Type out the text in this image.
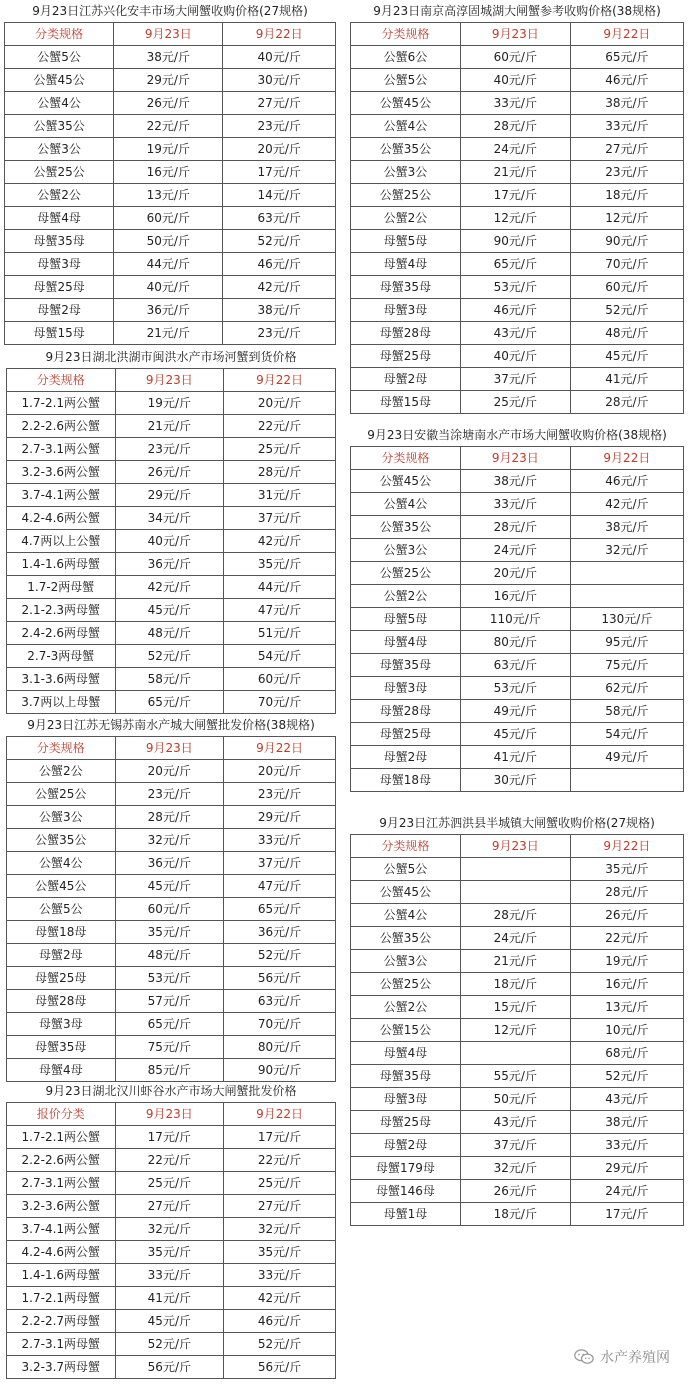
9月23日江苏兴化安丰市场大闸蟹收购价格(27规格)
分类规格	9月23日	9月22日
公蟹5公	38元/斤	40元/斤
公蟹45公	29元/斤	30元/斤
公蟹4公	26元/斤	27元/斤
公蟹35公	22元/斤	23元/斤
公蟹3公	19元/斤	20元/斤
公蟹25公	16元/斤	17元/斤
公蟹2公	13元/斤	14元/斤
母蟹4母	60元/斤	63元/斤
母蟹35母	50元/斤	52元/斤
母蟹3母	44元/斤	46元/斤
母蟹25母	40元/斤	42元/斤
母蟹2母	36元/斤	38元/斤
母蟹15母	21元/斤	23元/斤
9月23日湖北洪湖市闽洪水产市场河蟹到货价格
分类规格	9月23日	9月22日
1.7-2.1两公蟹	19元/斤	20元/斤
2.2-2.6两公蟹	21元/斤	22元/斤
2.7-3.1两公蟹	23元/斤	25元/斤
3.2-3.6两公蟹	26元/斤	28元/斤
3.7-4.1两公蟹	29元/斤	31元/斤
4.2-4.6两公蟹	34元/斤	37元/斤
4.7两以上公蟹	40元/斤	42元/斤
1.4-1.6两母蟹	36元/斤	35元/斤
1.7-2两母蟹	42元/斤	44元/斤
2.1-2.3两母蟹	45元/斤	47元/斤
2.4-2.6两母蟹	48元/斤	51元/斤
2.7-3两母蟹	52元/斤	54元/斤
3.1-3.6两母蟹	58元/斤	60元/斤
3.7两以上母蟹	65元/斤	70元/斤
9月23日江苏无锡苏南水产城大闸蟹批发价格(38规格)
分类规格	9月23日	9月22日
公蟹2公	20元/斤	20元/斤
公蟹25公	23元/斤	23元/斤
公蟹3公	28元/斤	29元/斤
公蟹35公	32元/斤	33元/斤
公蟹4公	36元/斤	37元/斤
公蟹45公	45元/斤	47元/斤
公蟹5公	60元/斤	65元/斤
母蟹18母	35元/斤	36元/斤
母蟹2母	48元/斤	52元/斤
母蟹25母	53元/斤	56元/斤
母蟹28母	57元/斤	63元/斤
母蟹3母	65元/斤	70元/斤
母蟹35母	75元/斤	80元/斤
母蟹4母	85元/斤	90元/斤
9月23日湖北汉川虾谷水产市场大闸蟹批发价格
报价分类	9月23日	9月22日
1.7-2.1两公蟹	17元/斤	17元/斤
2.2-2.6两公蟹	22元/斤	22元/斤
2.7-3.1两公蟹	25元/斤	25元/斤
3.2-3.6两公蟹	27元/斤	27元/斤
3.7-4.1两公蟹	32元/斤	32元/斤
4.2-4.6两公蟹	35元/斤	35元/斤
1.4-1.6两母蟹	33元/斤	33元/斤
1.7-2.1两母蟹	41元/斤	42元/斤
2.2-2.7两母蟹	45元/斤	46元/斤
2.7-3.1两母蟹	52元/斤	52元/斤
3.2-3.7两母蟹	56元/斤	56元/斤
9月23日南京高淳固城湖大闸蟹参考收购价格(38规格)
分类规格	9月23日	9月22日
公蟹6公	60元/斤	65元/斤
公蟹5公	40元/斤	46元/斤
公蟹45公	33元/斤	38元/斤
公蟹4公	28元/斤	33元/斤
公蟹35公	24元/斤	27元/斤
公蟹3公	21元/斤	23元/斤
公蟹25公	17元/斤	18元/斤
公蟹2公	12元/斤	12元/斤
母蟹5母	90元/斤	90元/斤
母蟹4母	65元/斤	70元/斤
母蟹35母	53元/斤	60元/斤
母蟹3母	46元/斤	52元/斤
母蟹28母	43元/斤	48元/斤
母蟹25母	40元/斤	45元/斤
母蟹2母	37元/斤	41元/斤
母蟹15母	25元/斤	28元/斤
9月23日安徽当涂塘南水产市场大闸蟹收购价格(38规格)
分类规格	9月23日	9月22日
公蟹45公	38元/斤	46元/斤
公蟹4公	33元/斤	42元/斤
公蟹35公	28元/斤	38元/斤
公蟹3公	24元/斤	32元/斤
公蟹25公	20元/斤	
公蟹2公	16元/斤	
母蟹5母	110元/斤	130元/斤
母蟹4母	80元/斤	95元/斤
母蟹35母	63元/斤	75元/斤
母蟹3母	53元/斤	62元/斤
母蟹28母	49元/斤	58元/斤
母蟹25母	45元/斤	54元/斤
母蟹2母	41元/斤	49元/斤
母蟹18母	30元/斤	
9月23日江苏泗洪县半城镇大闸蟹收购价格(27规格)
分类规格	9月23日	9月22日
公蟹5公		35元/斤
公蟹45公		28元/斤
公蟹4公	28元/斤	26元/斤
公蟹35公	24元/斤	22元/斤
公蟹3公	21元/斤	19元/斤
公蟹25公	18元/斤	16元/斤
公蟹2公	15元/斤	13元/斤
公蟹15公	12元/斤	10元/斤
母蟹4母		68元/斤
母蟹35母	55元/斤	52元/斤
母蟹3母	50元/斤	43元/斤
母蟹25母	43元/斤	38元/斤
母蟹2母	37元/斤	33元/斤
母蟹179母	32元/斤	29元/斤
母蟹146母	26元/斤	24元/斤
母蟹1母	18元/斤	17元/斤
水产养殖网
